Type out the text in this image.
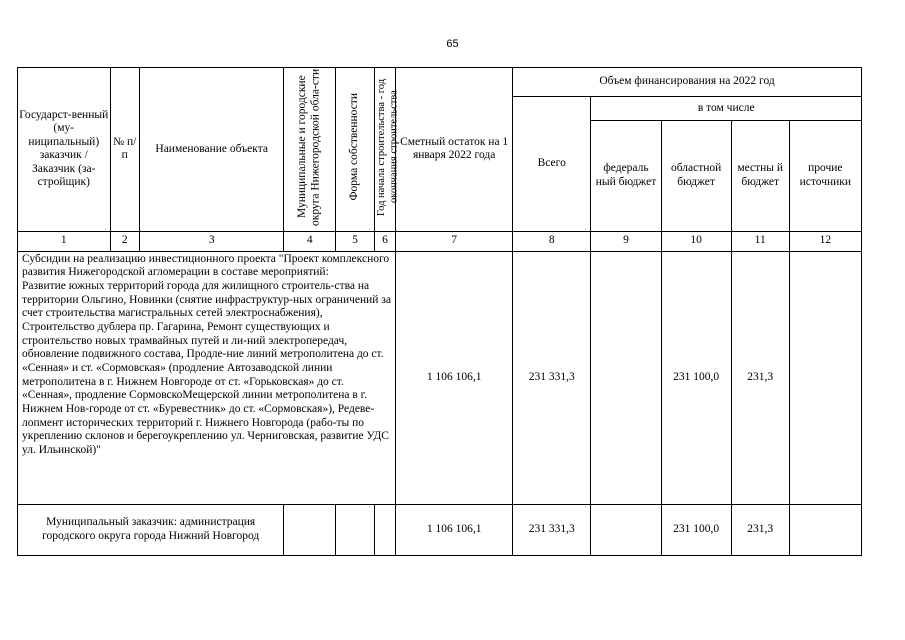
65
Государст-венный (му-ниципальный) заказчик / Заказчик (за-стройщик)	№ п/п	Наименование объекта	Муниципальные и городские округа Нижегородской обла-сти	Форма собственности	Год начала строительства - год окончания строительства	Сметный остаток на 1 января 2022 года	Объем финансирования на 2022 год				
							Всего	в том числе			
								федераль ный бюджет	областной бюджет	местны й бюджет	прочие источники
1	2	3	4	5	6	7	8	9	10	11	12
Субсидии на реализацию инвестиционного проекта "Проект комплексного развития Нижегородской агломерации в составе мероприятий:
Развитие южных территорий города для жилищного строитель-ства на территории Ольгино, Новинки (снятие инфраструктур-ных ограничений за счет строительства магистральных сетей электроснабжения), Строительство дублера пр. Гагарина, Ремонт существующих и строительство новых трамвайных путей и ли-ний электропередач, обновление подвижного состава, Продле-ние линий метрополитена до ст. «Сенная» и ст. «Сормовская» (продление Автозаводской линии метрополитена в г. Нижнем Новгороде от ст. «Горьковская» до ст. «Сенная», продление СормовскоМещерской линии метрополитена в г. Нижнем Нов-городе от ст. «Буревестник» до ст. «Сормовская»), Редеве-лопмент исторических территорий г. Нижнего Новгорода (рабо-ты по укреплению склонов и берегоукреплению ул. Черниговская, развитие УДС ул. Ильинской)"						1 106 106,1	231 331,3		231 100,0	231,3	
Муниципальный заказчик: администрация городского округа города Нижний Новгород						1 106 106,1	231 331,3		231 100,0	231,3	
